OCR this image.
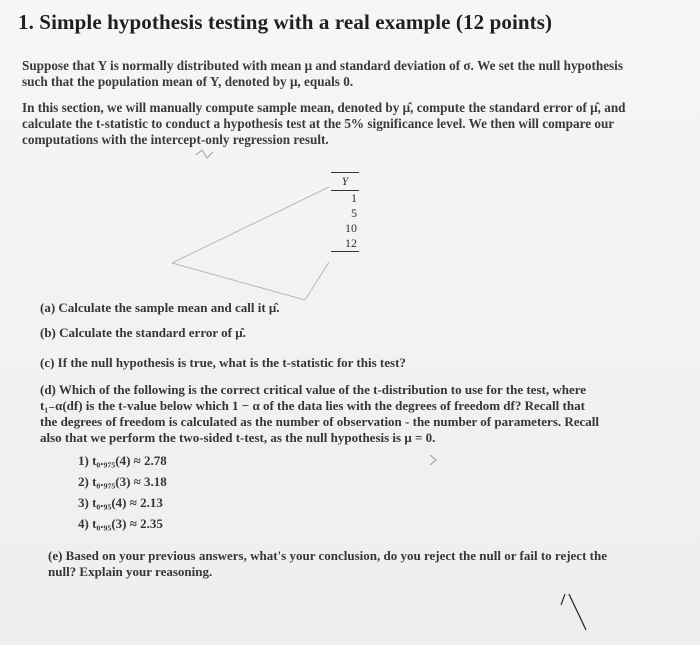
1. Simple hypothesis testing with a real example (12 points)
Suppose that Y is normally distributed with mean μ and standard deviation of σ. We set the null hypothesis
such that the population mean of Y, denoted by μ, equals 0.
In this section, we will manually compute sample mean, denoted by μ̂, compute the standard error of μ̂, and
calculate the t-statistic to conduct a hypothesis test at the 5% significance level. We then will compare our
computations with the intercept-only regression result.
Y
1
5
10
12
(a) Calculate the sample mean and call it μ̂.
(b) Calculate the standard error of μ̂.
(c) If the null hypothesis is true, what is the t-statistic for this test?
(d) Which of the following is the correct critical value of the t-distribution to use for the test, where
t₁₋α(df) is the t-value below which 1 − α of the data lies with the degrees of freedom df? Recall that
the degrees of freedom is calculated as the number of observation - the number of parameters. Recall
also that we perform the two-sided t-test, as the null hypothesis is μ = 0.
1) t₀.₉₇₅(4) ≈ 2.78
2) t₀.₉₇₅(3) ≈ 3.18
3) t₀.₉₅(4) ≈ 2.13
4) t₀.₉₅(3) ≈ 2.35
(e) Based on your previous answers, what's your conclusion, do you reject the null or fail to reject the
null? Explain your reasoning.
